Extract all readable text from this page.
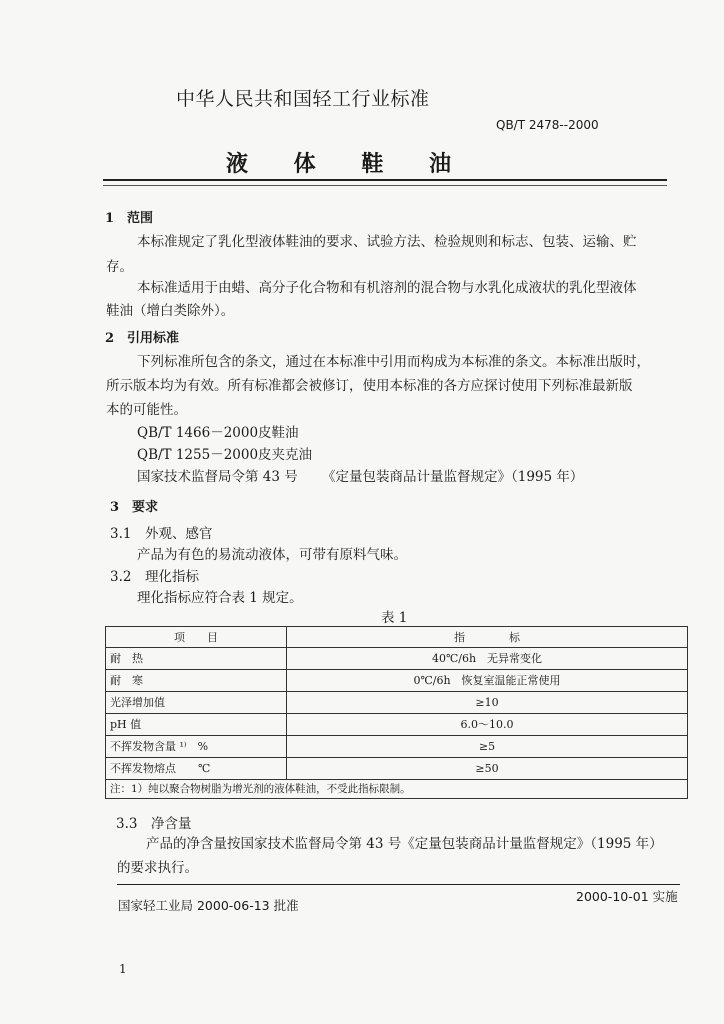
中华人民共和国轻工行业标准
QB/T 2478--2000
液 体 鞋 油
1　范围
本标准规定了乳化型液体鞋油的要求、试验方法、检验规则和标志、包装、运输、贮
存。
本标准适用于由蜡、高分子化合物和有机溶剂的混合物与水乳化成液状的乳化型液体
鞋油（增白类除外）。
2　引用标准
下列标准所包含的条文，通过在本标准中引用而构成为本标准的条文。本标准出版时，
所示版本均为有效。所有标准都会被修订，使用本标准的各方应探讨使用下列标准最新版
本的可能性。
QB/T 1466－2000 皮鞋油
QB/T 1255－2000 皮夹克油
国家技术监督局令第 43 号 《定量包装商品计量监督规定》（1995 年）
3　要求
3.1　外观、感官
产品为有色的易流动液体，可带有原料气味。
3.2　理化指标
理化指标应符合表 1 规定。
表 1
项　　目	指　　　　标
耐　热	40℃/6h　无异常变化
耐　寒	0℃/6h　恢复室温能正常使用
光泽增加值	≥10
pH 值	6.0～10.0
不挥发物含量 ¹⁾　%	≥5
不挥发物熔点　　℃	≥50
注：1）纯以聚合物树脂为增光剂的液体鞋油，不受此指标限制。	
3.3　净含量
产品的净含量按国家技术监督局令第 43 号《定量包装商品计量监督规定》（1995 年）
的要求执行。
国家轻工业局 2000-06-13 批准
2000-10-01 实施
1
